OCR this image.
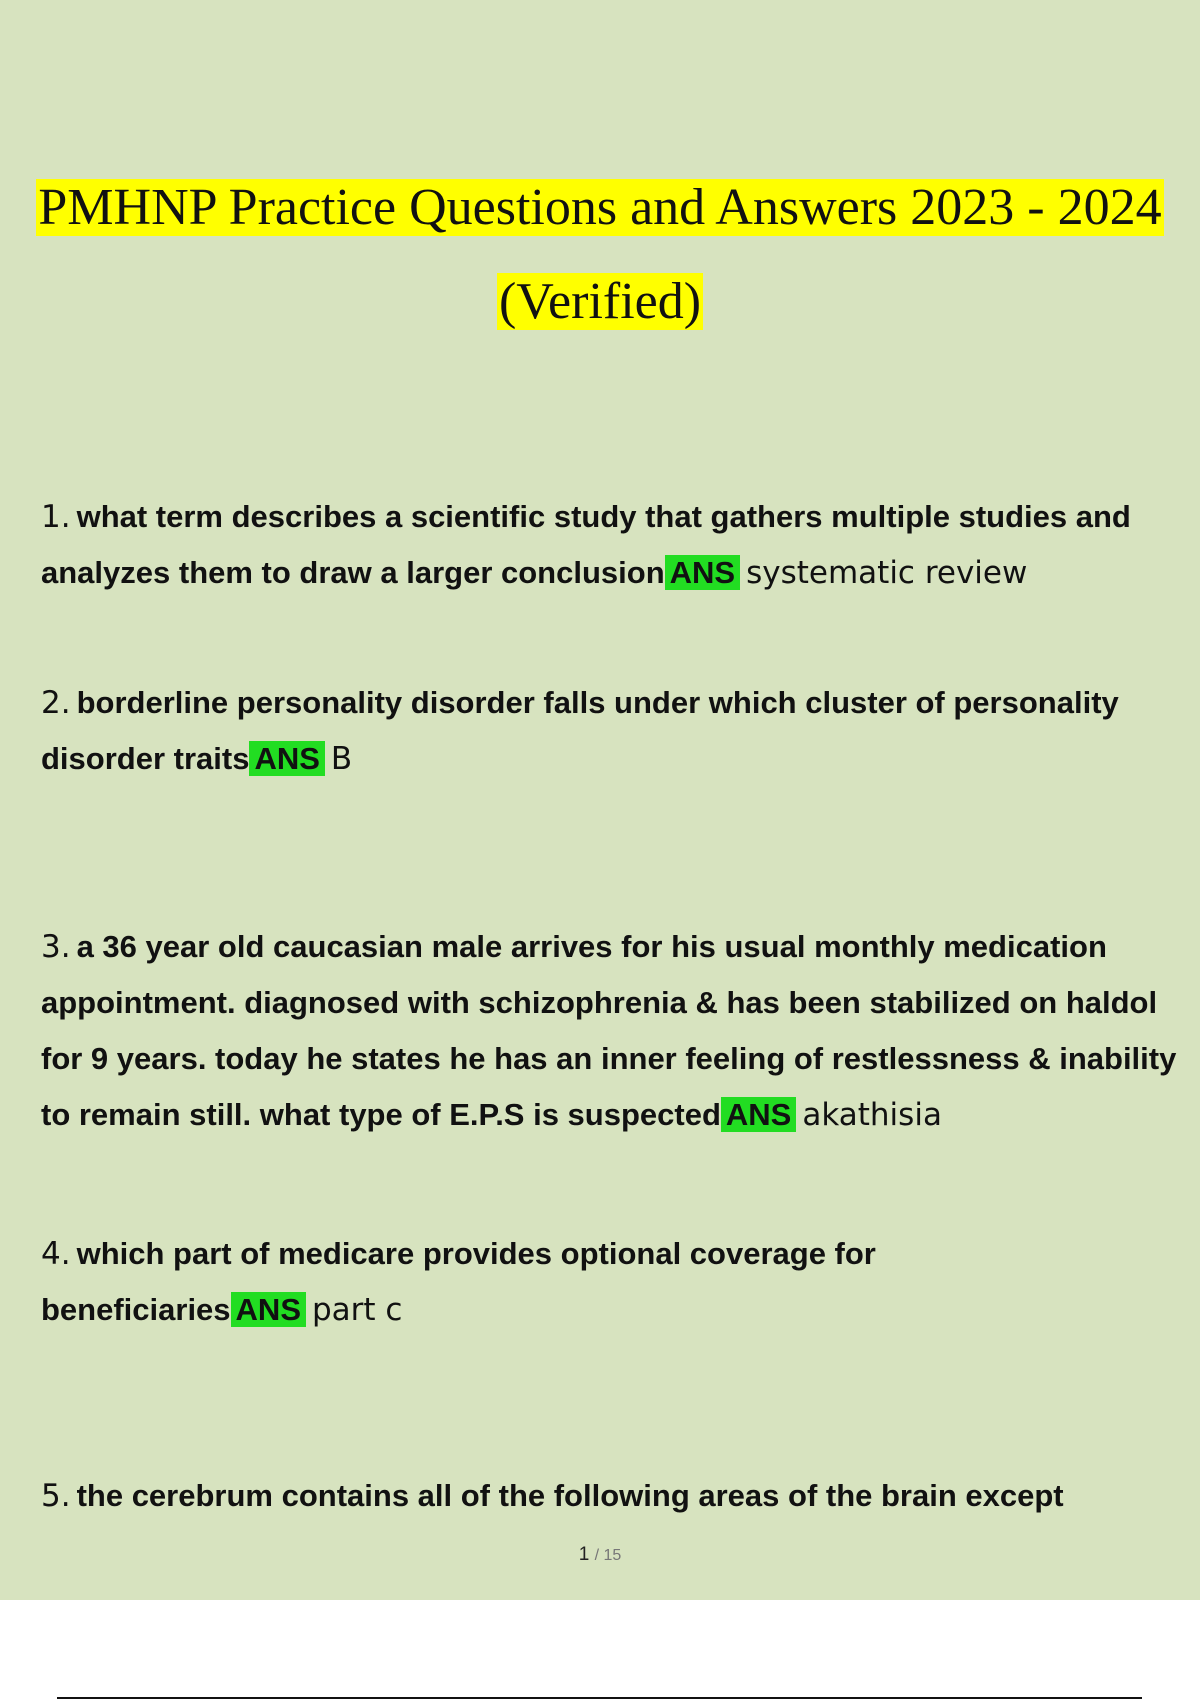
PMHNP Practice Questions and Answers 2023 - 2024
(Verified)
1. what term describes a scientific study that gathers multiple studies and analyzes them to draw a larger conclusion ANS systematic review
2. borderline personality disorder falls under which cluster of personality disorder traits ANS B
3. a 36 year old caucasian male arrives for his usual monthly medication appointment. diagnosed with schizophrenia & has been stabilized on haldol for 9 years. today he states he has an inner feeling of restlessness & inability to remain still. what type of E.P.S is suspected ANS akathisia
4. which part of medicare provides optional coverage for beneficiaries ANS part c
5. the cerebrum contains all of the following areas of the brain except
1 / 15
